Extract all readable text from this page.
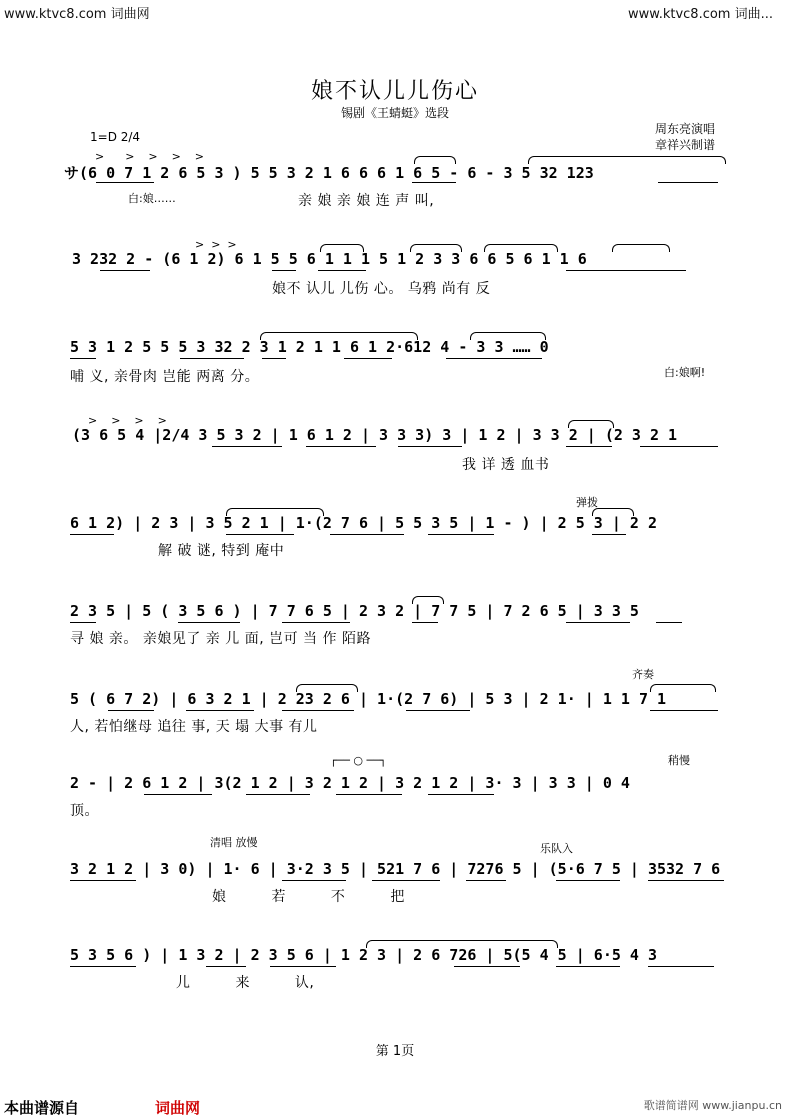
www.ktvc8.com 词曲网	www.ktvc8.com 词曲...
娘不认儿儿伤心
锡剧《王蜻蜓》选段
1=D 2/4
周东亮演唱
章祥兴制谱
>      >    >    >    >
サ(6 0 7 1 2 6 5 3 ) 5 5 3 2 1 6 6 6 1 6 5 - 6 - 3 5 32 123
白:娘……	亲 娘 亲 娘 连 声 叫,
>  >  >
3 232 2 - (6 1 2) 6 1 5 5 6 1 1 1 5 1 2 3 3 6 6 5 6 1 1 6
娘不 认儿 儿伤 心。 乌鸦 尚有 反
5 3 1 2 5 5 5 3 32 2 3 1 2 1 1 6 1 2·612 4 - 3 3 …… 0
哺 义, 亲骨肉 岂能 两离 分。	白:娘啊!
>    >    >    >
(3 6 5 4 |2/4 3 5 3 2 | 1 6 1 2 | 3 3 3) 3 | 1 2 | 3 3 2 | (2 3 2 1
我 详 透 血书
弹拨
6 1 2) | 2 3 | 3 5 2 1 | 1·(2 7 6 | 5 5 3 5 | 1 - ) | 2 5 3 | 2 2
解 破 谜, 特到 庵中
2 3 5 | 5 ( 3 5 6 ) | 7 7 6 5 | 2 3 2 | 7 7 5 | 7 2 6 5 | 3 3 5
寻 娘 亲。 亲娘见了 亲 儿 面, 岂可 当 作 陌路
齐奏
5 ( 6 7 2) | 6 3 2 1 | 2 23 2 6 | 1·(2 7 6) | 5 3 | 2 1· | 1 1 7 1
人, 若怕继母 追往 事, 天 塌 大事 有儿
稍慢
┌── ○ ──┐
2 - | 2 6 1 2 | 3(2 1 2 | 3 2 1 2 | 3 2 1 2 | 3· 3 | 3 3 | 0 4
顶。
清唱 放慢	乐队入
3 2 1 2 | 3 0) | 1· 6 | 3·2 3 5 | 521 7 6 | 7276 5 | (5·6 7 5 | 3532 7 6
娘 若 不 把
5 3 5 6 ) | 1 3 2 | 2 3 5 6 | 1 2 3 | 2 6 726 | 5(5 4 5 | 6·5 4 3
儿 来 认,
第 1页
本曲谱源自	词曲网	歌谱简谱网 www.jianpu.cn
